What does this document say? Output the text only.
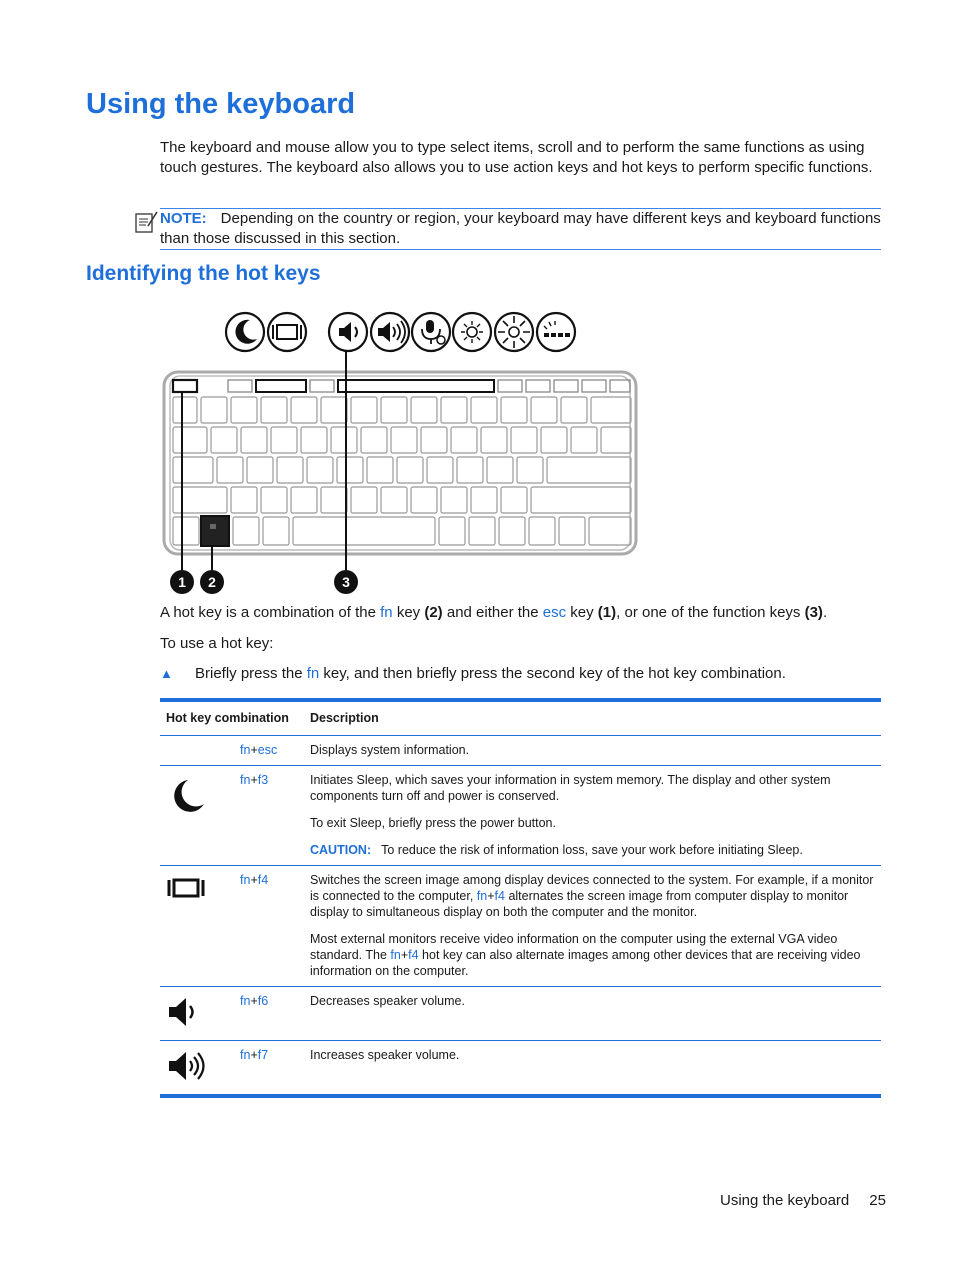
Using the keyboard

The keyboard and mouse allow you to type select items, scroll and to perform the same functions as using touch gestures. The keyboard also allows you to use action keys and hot keys to perform specific functions.

NOTE: Depending on the country or region, your keyboard may have different keys and keyboard functions than those discussed in this section.
Identifying the hot keys
1 2	3

A hot key is a combination of the fn key (2) and either the esc key (1), or one of the function keys (3).

To use a hot key:

▲ Briefly press the fn key, and then briefly press the second key of the hot key combination.
Hot key combination		Description
	fn+esc	Displays system information.

	fn+f3	Initiates Sleep, which saves your information in system memory. The display and other system components turn off and power is conserved.

To exit Sleep, briefly press the power button.

CAUTION: To reduce the risk of information loss, save your work before initiating Sleep.

	fn+f4	Switches the screen image among display devices connected to the system. For example, if a monitor is connected to the computer, fn+f4 alternates the screen image from computer display to monitor display to simultaneous display on both the computer and the monitor.

Most external monitors receive video information on the computer using the external VGA video standard. The fn+f4 hot key can also alternate images among other devices that are receiving video information on the computer.

	fn+f6	Decreases speaker volume.

	fn+f7	Increases speaker volume.

Using the keyboard 25
